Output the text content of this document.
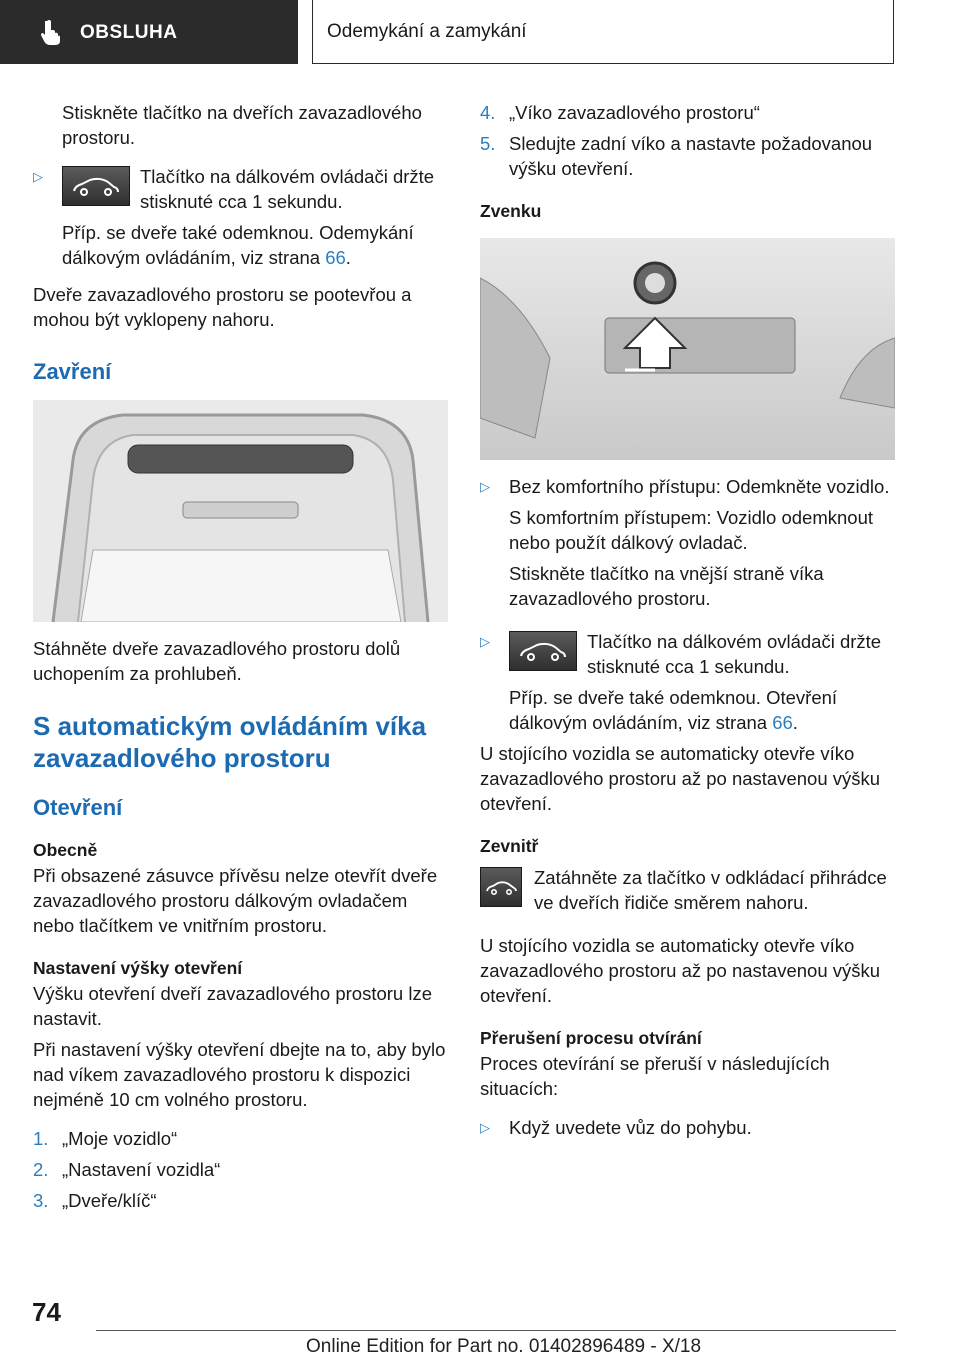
OBSLUHA	Odemykání a zamykání

Stiskněte tlačítko na dveřích zavazadlového prostoru.

▷	Tlačítko na dálkovém ovládači držte stisknuté cca 1 sekundu.

Příp. se dveře také odemknou. Odemykání dálkovým ovládáním, viz strana 66.

Dveře zavazadlového prostoru se pootevřou a mohou být vyklopeny nahoru.

Zavření

Stáhněte dveře zavazadlového prostoru dolů uchopením za prohlubeň.

S automatickým ovládáním víka zavazadlového prostoru

Otevření

Obecně

Při obsazené zásuvce přívěsu nelze otevřít dveře zavazadlového prostoru dálkovým ovladačem nebo tlačítkem ve vnitřním prostoru.

Nastavení výšky otevření

Výšku otevření dveří zavazadlového prostoru lze nastavit.

Při nastavení výšky otevření dbejte na to, aby bylo nad víkem zavazadlového prostoru k dispozici nejméně 10 cm volného prostoru.

1. „Moje vozidlo“
2. „Nastavení vozidla“
3. „Dveře/klíč“
4. „Víko zavazadlového prostoru“
5. Sledujte zadní víko a nastavte požadovanou výšku otevření.

Zvenku

▷	Bez komfortního přístupu: Odemkněte vozidlo.

S komfortním přístupem: Vozidlo odemknout nebo použít dálkový ovladač.

Stiskněte tlačítko na vnější straně víka zavazadlového prostoru.

▷	Tlačítko na dálkovém ovládači držte stisknuté cca 1 sekundu.

Příp. se dveře také odemknou. Otevření dálkovým ovládáním, viz strana 66.

U stojícího vozidla se automaticky otevře víko zavazadlového prostoru až po nastavenou výšku otevření.

Zevnitř

Zatáhněte za tlačítko v odkládací přihrádce ve dveřích řidiče směrem nahoru.

U stojícího vozidla se automaticky otevře víko zavazadlového prostoru až po nastavenou výšku otevření.

Přerušení procesu otvírání

Proces otevírání se přeruší v následujících situacích:

▷	Když uvedete vůz do pohybu.

74
Online Edition for Part no. 01402896489 - X/18
